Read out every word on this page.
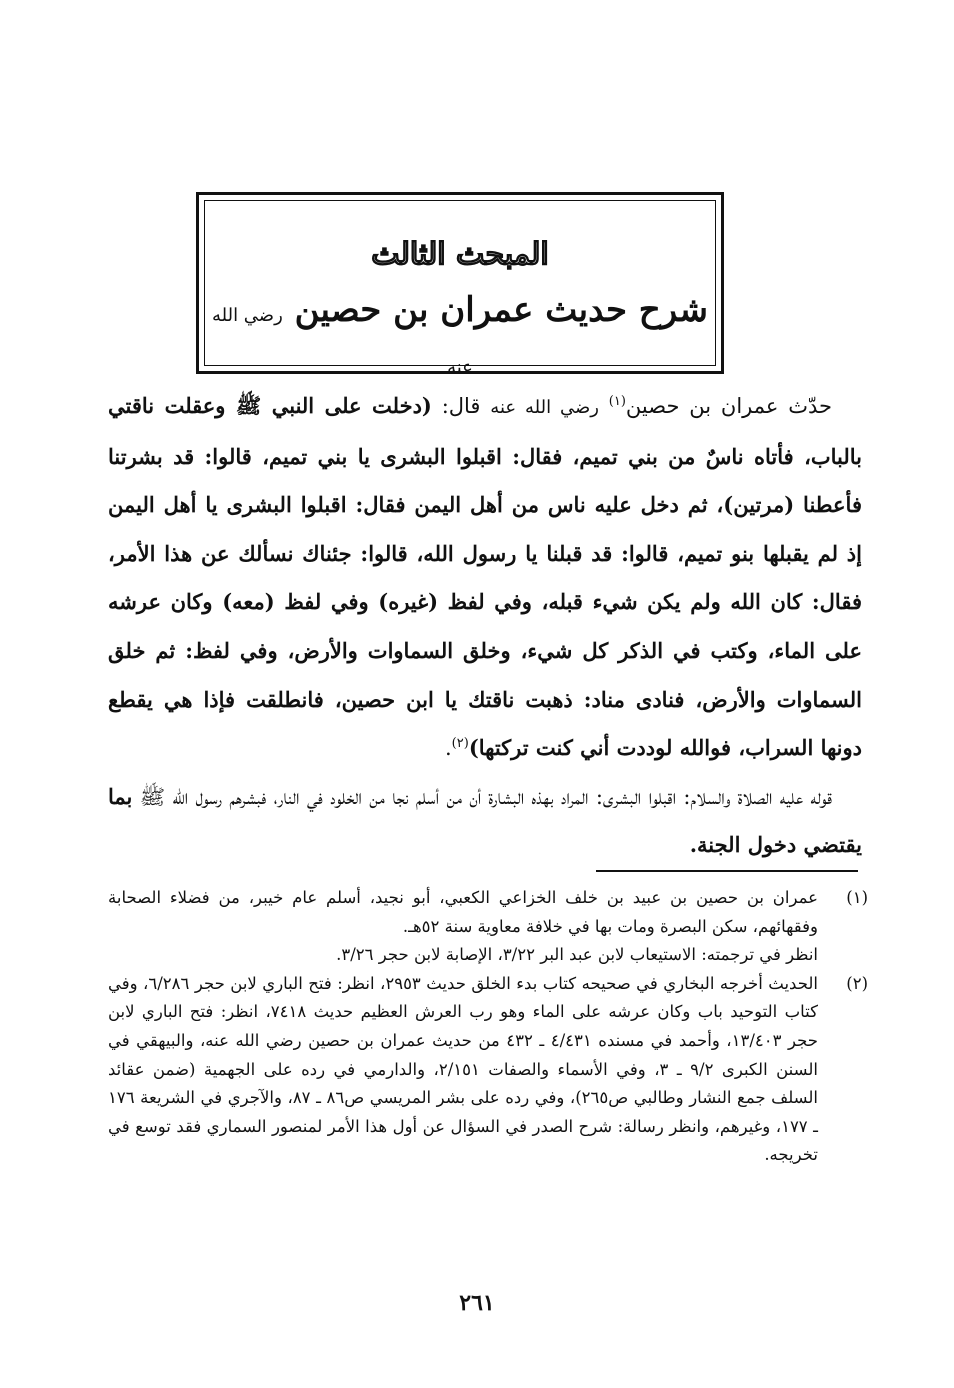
المبحث الثالث
شرح حديث عمران بن حصين رضي الله عنه

حدّث عمران بن حصين$^{(١)}$ رضي الله عنه قال: (دخلت على النبي ﷺ وعقلت ناقتي بالباب، فأتاه ناسٌ من بني تميم، فقال: اقبلوا البشرى يا بني تميم، قالوا: قد بشرتنا فأعطنا (مرتين)، ثم دخل عليه ناس من أهل اليمن فقال: اقبلوا البشرى يا أهل اليمن إذ لم يقبلها بنو تميم، قالوا: قد قبلنا يا رسول الله، قالوا: جئناك نسألك عن هذا الأمر، فقال: كان الله ولم يكن شيء قبله، وفي لفظ (غيره) وفي لفظ (معه) وكان عرشه على الماء، وكتب في الذكر كل شيء، وخلق السماوات والأرض، وفي لفظ: ثم خلق السماوات والأرض، فنادى مناد: ذهبت ناقتك يا ابن حصين، فانطلقت فإذا هي يقطع دونها السراب، فوالله لوددت أني كنت تركتها)$^{(٢)}$.

قوله عليه الصلاة والسلام: اقبلوا البشرى: المراد بهذه البشارة أن من أسلم نجا من الخلود في النار، فبشرهم رسول الله ﷺ بما يقتضي دخول الجنة.

(١)
عمران بن حصين بن عبيد بن خلف الخزاعي الكعبي، أبو نجيد، أسلم عام خيبر، من فضلاء الصحابة وفقهائهم، سكن البصرة ومات بها في خلافة معاوية سنة ٥٢هـ.
انظر في ترجمته: الاستيعاب لابن عبد البر ٣/٢٢، الإصابة لابن حجر ٣/٢٦.
(٢)
الحديث أخرجه البخاري في صحيحه كتاب بدء الخلق حديث ٢٩٥٣، انظر: فتح الباري لابن حجر ٦/٢٨٦، وفي كتاب التوحيد باب وكان عرشه على الماء وهو رب العرش العظيم حديث ٧٤١٨، انظر: فتح الباري لابن حجر ١٣/٤٠٣، وأحمد في مسنده ٤/٤٣١ ـ ٤٣٢ من حديث عمران بن حصين رضي الله عنه، والبيهقي في السنن الكبرى ٩/٢ ـ ٣، وفي الأسماء والصفات ٢/١٥١، والدارمي في رده على الجهمية (ضمن عقائد السلف جمع النشار وطالبي ص٢٦٥)، وفي رده على بشر المريسي ص٨٦ ـ ٨٧، والآجري في الشريعة ١٧٦ ـ ١٧٧، وغيرهم، وانظر رسالة: شرح الصدر في السؤال عن أول هذا الأمر لمنصور السماري فقد توسع في تخريجه.
٢٦١
